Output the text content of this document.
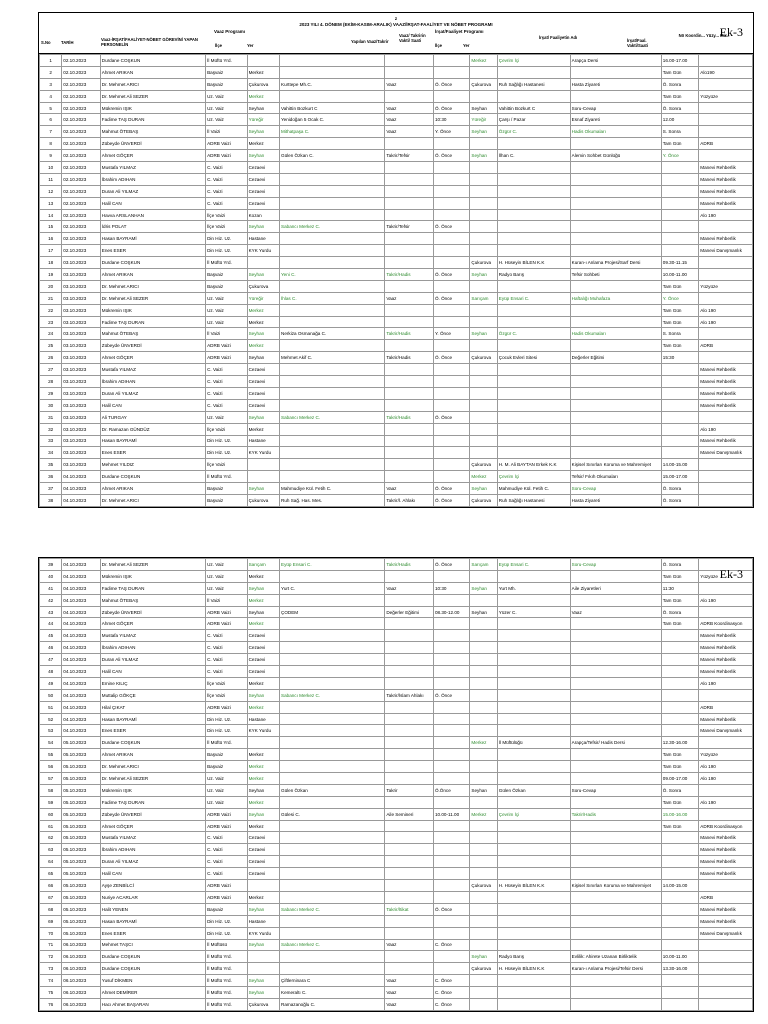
z
2023 YILI 4. DÖNEM (EKİM-KASIM-ARALIK) VAAZ/İRŞAT-FAALİYET VE NÖBET PROGRAMI
Ek-3
Vaaz Programı	İrşat/Faaliyet Programı
S.No TARİH
Vaaz-İRŞAT/FAALİYET-NÖBET GÖREVİNİ YAPAN PERSONELİN	İlçe	Yer
Yapılan Vaaz/Takrir
Vaaz/ Takririn Vakti/ Saati
İlçe	Yer
İrşat/ Faaliyetin Adı
İrşat/Faal. Vakti/Saati
Nö Koordin... Yüzy... Ma...
1	02.10.2023	Durdane COŞKUN	İl Müftü Yrd.					Merkez	Çevrim İçi	Arapça Dersi	16.00-17.00	
2	02.10.2023	Ahmet ARIKAN	Başvaiz	Merkez							Tam Gün	Alo190
3	02.10.2023	Dr. Mehmet ARICI	Başvaiz	Çukurova	Kurttepe Mh.C.	Vaaz	Ö. Önce	Çukurova	Ruh Sağlığı Hastanesi	Hasta Ziyareti	Ö. Sonra	
4	02.10.2023	Dr. Mehmet Ali SEZER	Uz. Vaiz	Merkez							Tam Gün	Yüzyüze
5	02.10.2023	Mükremin IŞIK	Uz. Vaiz	Seyhan	Vahittin Bozkurt C	Vaaz	Ö. Önce	Seyhan	Vahittin Bozkurt C	Soru-Cevap	Ö. Sonra	
6	02.10.2023	Fadime TAŞ DURAN	Uz. Vaiz	Yüreğir	Yenidoğan 5 Ocak C.	Vaaz	10:30	Yüreğir	Çarşı / Pazar	Esnaf Ziyareti	12.00	
7	02.10.2023	Mahmut ÖTEBAŞ	İl Vaizi	Seyhan	Mithatpaşa C.	Vaaz	Y. Önce	Seyhan	Özgür C.	Hadis Okumaları	S. Sonra	
8	02.10.2023	Zübeyde ÜNVERDİ	ADRB Vaizi	Merkez							Tam Gün	ADRB
9	02.10.2023	Ahmet GÖÇER	ADRB Vaizi	Seyhan	Gülen Özkan C.	Takrir/Tefsir	Ö. Önce	Seyhan	İlhan C.	Alemin Sohbet Günlüğü	Y. Önce	
10	02.10.2023	Mustafa YILMAZ	C. Vaizi	Cezaevi								Manevi Rehberlik
11	02.10.2023	İbrahim ADIHAN	C. Vaizi	Cezaevi								Manevi Rehberlik
12	02.10.2023	Duran Ali YILMAZ	C. Vaizi	Cezaevi								Manevi Rehberlik
13	02.10.2023	Halil CAN	C. Vaizi	Cezaevi								Manevi Rehberlik
14	02.10.2023	Havva ARSLANHAN	İlçe Vaizi	Kozan								Alo 190
15	02.10.2023	İdris POLAT	İlçe Vaizi	Seyhan	Sabancı Merkez C.	Takrir/Tefsir	Ö. Önce					
16	02.10.2023	Hasan BAYRAMİ	Din Hiz. Uz.	Hastane								Manevi Rehberlik
17	02.10.2023	Enes ESER	Din Hiz. Uz.	KYK Yurdu								Manevi Danışmanlık
18	03.10.2023	Durdane COŞKUN	İl Müftü Yrd.					Çukurova	H. Hüseyin BİLEN K.K	Kuran-ı Anlama Projesi/Sarf Dersi	09.30-11.15	
19	03.10.2023	Ahmet ARIKAN	Başvaiz	Seyhan	Yeni C.	Takrir/Hadis	Ö. Önce	Seyhan	Radyo Barış	Tefsir Sohbeti	10.00-11.00	
20	03.10.2023	Dr. Mehmet ARICI	Başvaiz	Çukurova							Tam Gün	Yüzyüze
21	03.10.2023	Dr. Mehmet Ali SEZER	Uz. Vaiz	Yüreğir	İhlas C.	Vaaz	Ö. Önce	Sarıçam	Eyüp Ensari C.	Haftalığı Muhafaza	Y. Önce	
22	03.10.2023	Mükremin IŞIK	Uz. Vaiz	Merkez							Tam Gün	Alo 190
23	03.10.2023	Fadime TAŞ DURAN	Uz. Vaiz	Merkez							Tam Gün	Alo 190
24	03.10.2023	Mahmut ÖTEBAŞ	İl Vaizi	Seyhan	Nerkiza Osmanağa C.	Takrir/Hadis	Y. Önce	Seyhan	Özgür C.	Hadis Okumaları	S. Sonra	
25	03.10.2023	Zübeyde ÜNVERDİ	ADRB Vaizi	Merkez							Tam Gün	ADRB
26	03.10.2023	Ahmet GÖÇER	ADRB Vaizi	Seyhan	Mehmet Akif C.	Takrir/Hadis	Ö. Önce	Çukurova	Çocuk Evleri Sitesi	Değerler Eğitimi	15:30	
27	03.10.2023	Mustafa YILMAZ	C. Vaizi	Cezaevi								Manevi Rehberlik
28	03.10.2023	İbrahim ADIHAN	C. Vaizi	Cezaevi								Manevi Rehberlik
29	03.10.2023	Duran Ali YILMAZ	C. Vaizi	Cezaevi								Manevi Rehberlik
30	03.10.2023	Halil CAN	C. Vaizi	Cezaevi								Manevi Rehberlik
31	03.10.2023	Ali TURGAY	Uz. Vaiz	Seyhan	Sabancı Merkez C.	Takrir/Hadis	Ö. Önce					
32	03.10.2023	Dr. Ramazan GÜNDÜZ	İlçe Vaizi	Merkez								Alo 190
33	03.10.2023	Hasan BAYRAMİ	Din Hiz. Uz.	Hastane								Manevi Rehberlik
34	03.10.2023	Enes ESER	Din Hiz. Uz.	KYK Yurdu								Manevi Danışmanlık
35	03.10.2023	Mehmet YILDIZ	İlçe Vaizi					Çukurova	H. M. Ali BAYTAN Erkek K.K	Kişisel Sınırları Koruma ve Mahremiyet	14.00-15.00	
36	04.10.2023	Durdane COŞKUN	İl Müftü Yrd.					Merkez	Çevrim İçi	Tefsir/ Fıkıh Okumaları	15.00-17.00	
37	04.10.2023	Ahmet ARIKAN	Başvaiz	Seyhan	Mahmudiye Kül. Fetih C.	Vaaz	Ö. Önce	Seyhan	Mahmudiye Kül. Fetih C.	Soru-Cevap	Ö. Sonra	
38	04.10.2023	Dr. Mehmet ARICI	Başvaiz	Çukurova	Ruh Sağ. Has. Mes.	Takrir/İ. Ahlakı	Ö. Önce	Çukurova	Ruh Sağlığı Hastanesi	Hasta Ziyareti	Ö. Sonra	
Ek-3
39	04.10.2023	Dr. Mehmet Ali SEZER	Uz. Vaiz	Sarıçam	Eyüp Ensari C.	Takrir/Hadis	Ö. Önce	Sarıçam	Eyüp Ensari C.	Soru-Cevap	Ö. Sonra	
40	04.10.2023	Mükremin IŞIK	Uz. Vaiz	Merkez							Tam Gün	Yüzyüze
41	04.10.2023	Fadime TAŞ DURAN	Uz. Vaiz	Seyhan	Yurt C.	Vaaz	10:30	Seyhan	Yurt Mh.	Aile Ziyaretleri	11:30	
42	04.10.2023	Mahmut ÖTEBAŞ	İl Vaizi	Merkez							Tam Gün	Alo 190
43	04.10.2023	Zübeyde ÜNVERDİ	ADRB Vaizi	Seyhan	ÇODEM	Değerler Eğitimi	08.30-12.00	Seyhan	Yüzer C.	Vaaz	Ö. Sonra	
44	04.10.2023	Ahmet GÖÇER	ADRB Vaizi	Merkez							Tam Gün	ADRB Koordinasyon
45	04.10.2023	Mustafa YILMAZ	C. Vaizi	Cezaevi								Manevi Rehberlik
46	04.10.2023	İbrahim ADIHAN	C. Vaizi	Cezaevi								Manevi Rehberlik
47	04.10.2023	Duran Ali YILMAZ	C. Vaizi	Cezaevi								Manevi Rehberlik
48	04.10.2023	Halil CAN	C. Vaizi	Cezaevi								Manevi Rehberlik
49	04.10.2023	Emine KILIÇ	İlçe Vaizi	Merkez								Alo 190
50	04.10.2023	Muttalip GÖKÇE	İlçe Vaizi	Seyhan	Sabancı Merkez C.	Takrir/İslam Ahlakı	Ö. Önce					
51	04.10.2023	Hilal ÇIKAT	ADRB Vaizi	Merkez								ADRB
52	04.10.2023	Hasan BAYRAMİ	Din Hiz. Uz.	Hastane								Manevi Rehberlik
53	04.10.2023	Enes ESER	Din Hiz. Uz.	KYK Yurdu								Manevi Danışmanlık
54	05.10.2023	Durdane COŞKUN	İl Müftü Yrd.					Merkez	İl Müftülüğü	Arapça/Tefsir/ Hadis Dersi	12.30-16.00	
55	05.10.2023	Ahmet ARIKAN	Başvaiz	Merkez							Tam Gün	Yüzyüze
56	05.10.2023	Dr. Mehmet ARICI	Başvaiz	Merkez							Tam Gün	Alo 190
57	05.10.2023	Dr. Mehmet Ali SEZER	Uz. Vaiz	Merkez							09.00-17.00	Alo 190
58	05.10.2023	Mükremin IŞIK	Uz. Vaiz	Seyhan	Gülen Özkan	Takrir	Ö.Önce	Seyhan	Gülen Özkan	Soru-Cevap	Ö. Sonra	
59	05.10.2023	Fadime TAŞ DURAN	Uz. Vaiz	Merkez							Tam Gün	Alo 190
60	05.10.2023	Zübeyde ÜNVERDİ	ADRB Vaizi	Seyhan	Gülesi C.	Aile Semineri	10.00-11.00	Merkez	Çevrim İçi	Takrir/Hadis	15.00-16.00	
61	05.10.2023	Ahmet GÖÇER	ADRB Vaizi	Merkez							Tam Gün	ADRB Koordinasyon
62	05.10.2023	Mustafa YILMAZ	C. Vaizi	Cezaevi								Manevi Rehberlik
63	05.10.2023	İbrahim ADIHAN	C. Vaizi	Cezaevi								Manevi Rehberlik
64	05.10.2023	Duran Ali YILMAZ	C. Vaizi	Cezaevi								Manevi Rehberlik
65	05.10.2023	Halil CAN	C. Vaizi	Cezaevi								Manevi Rehberlik
66	05.10.2023	Ayşe ZENBİLCİ	ADRB Vaizi					Çukurova	H. Hüseyin BİLEN K.K	Kişisel Sınırları Koruma ve Mahremiyet	14.00-15.00	
67	05.10.2023	Nuriye ACARLAR	ADRB Vaizi	Merkez								ADRB
68	05.10.2023	Halit YENEN	Başvaiz	Seyhan	Sabancı Merkez C.	Takrir/İtikat	Ö. Önce					Manevi Rehberlik
69	05.10.2023	Hasan BAYRAMİ	Din Hiz. Uz.	Hastane								Manevi Rehberlik
70	05.10.2023	Enes ESER	Din Hiz. Uz.	KYK Yurdu								Manevi Danışmanlık
71	06.10.2023	Mehmet TAŞCI	İl Müftüsü	Seyhan	Sabancı Merkez C.	Vaaz	C. Önce					
72	06.10.2023	Durdane COŞKUN	İl Müftü Yrd.					Seyhan	Radyo Barış	Evlilik: Ahirete Uzanan Birliktelik	10.00-11.00	
73	06.10.2023	Durdane COŞKUN	İl Müftü Yrd.					Çukurova	H. Hüseyin BİLEN K.K	Kuran-ı Anlama Projesi/Tefsir Dersi	13.30-16.00	
74	06.10.2023	Yusuf DİKMEN	İl Müftü Yrd.	Seyhan	Çiftlerninara C	Vaaz	C. Önce					
75	06.10.2023	Ahmet DEMİRER	İl Müftü Yrd.	Seyhan	Kemeraltı C.	Vaaz	C. Önce					
76	06.10.2023	Hacı Ahmet BAŞARAN	İl Müftü Yrd.	Çukurova	Ramazanoğlu C.	Vaaz	C. Önce					
